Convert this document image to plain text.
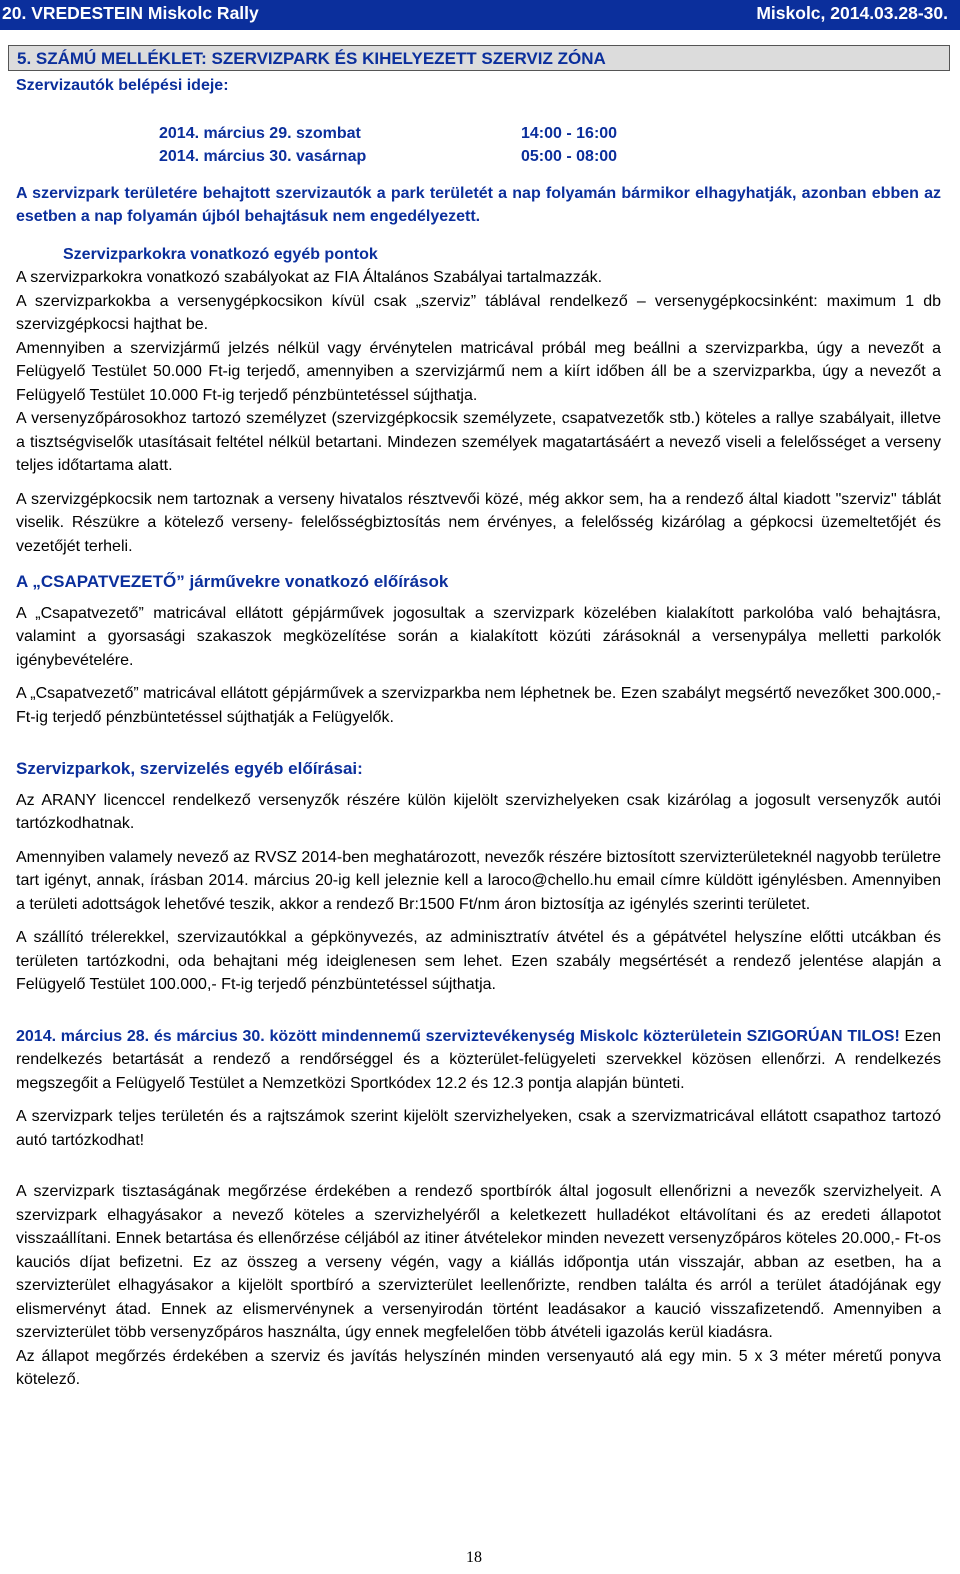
20. VREDESTEIN Miskolc Rally	Miskolc, 2014.03.28-30.
5. SZÁMÚ MELLÉKLET: SZERVIZPARK ÉS KIHELYEZETT SZERVIZ ZÓNA
Szervizautók belépési ideje:
2014. március 29. szombat	14:00 - 16:00
2014. március 30. vasárnap	05:00 - 08:00

A szervizpark területére behajtott szervizautók a park területét a nap folyamán bármikor elhagyhatják, azonban ebben az esetben a nap folyamán újból behajtásuk nem engedélyezett.

Szervizparkokra vonatkozó egyéb pontok

A szervizparkokra vonatkozó szabályokat az FIA Általános Szabályai tartalmazzák.

A szervizparkokba a versenygépkocsikon kívül csak „szerviz” táblával rendelkező – versenygépkocsinként: maximum 1 db szervizgépkocsi hajthat be.

Amennyiben a szervizjármű jelzés nélkül vagy érvénytelen matricával próbál meg beállni a szervizparkba, úgy a nevezőt a Felügyelő Testület 50.000 Ft-ig terjedő, amennyiben a szervizjármű nem a kiírt időben áll be a szervizparkba, úgy a nevezőt a Felügyelő Testület 10.000 Ft-ig terjedő pénzbüntetéssel sújthatja.

A versenyzőpárosokhoz tartozó személyzet (szervizgépkocsik személyzete, csapatvezetők stb.) köteles a rallye szabályait, illetve a tisztségviselők utasításait feltétel nélkül betartani. Mindezen személyek magatartásáért a nevező viseli a felelősséget a verseny teljes időtartama alatt.

A szervizgépkocsik nem tartoznak a verseny hivatalos résztvevői közé, még akkor sem, ha a rendező által kiadott "szerviz" táblát viselik. Részükre a kötelező verseny- felelősségbiztosítás nem érvényes, a felelősség kizárólag a gépkocsi üzemeltetőjét és vezetőjét terheli.

A „CSAPATVEZETŐ” járművekre vonatkozó előírások

A „Csapatvezető” matricával ellátott gépjárművek jogosultak a szervizpark közelében kialakított parkolóba való behajtásra, valamint a gyorsasági szakaszok megközelítése során a kialakított közúti zárásoknál a versenypálya melletti parkolók igénybevételére.

A „Csapatvezető” matricával ellátott gépjárművek a szervizparkba nem léphetnek be. Ezen szabályt megsértő nevezőket 300.000,- Ft-ig terjedő pénzbüntetéssel sújthatják a Felügyelők.

Szervizparkok, szervizelés egyéb előírásai:

Az ARANY licenccel rendelkező versenyzők részére külön kijelölt szervizhelyeken csak kizárólag a jogosult versenyzők autói tartózkodhatnak.

Amennyiben valamely nevező az RVSZ 2014-ben meghatározott, nevezők részére biztosított szervizterületeknél nagyobb területre tart igényt, annak, írásban 2014. március 20-ig kell jeleznie kell a laroco@chello.hu email címre küldött igénylésben. Amennyiben a területi adottságok lehetővé teszik, akkor a rendező Br:1500 Ft/nm áron biztosítja az igénylés szerinti területet.

A szállító trélerekkel, szervizautókkal a gépkönyvezés, az adminisztratív átvétel és a gépátvétel helyszíne előtti utcákban és területen tartózkodni, oda behajtani még ideiglenesen sem lehet. Ezen szabály megsértését a rendező jelentése alapján a Felügyelő Testület 100.000,- Ft-ig terjedő pénzbüntetéssel sújthatja.

2014. március 28. és március 30. között mindennemű szerviztevékenység Miskolc közterületein SZIGORÚAN TILOS! Ezen rendelkezés betartását a rendező a rendőrséggel és a közterület-felügyeleti szervekkel közösen ellenőrzi. A rendelkezés megszegőit a Felügyelő Testület a Nemzetközi Sportkódex 12.2 és 12.3 pontja alapján bünteti.

A szervizpark teljes területén és a rajtszámok szerint kijelölt szervizhelyeken, csak a szervizmatricával ellátott csapathoz tartozó autó tartózkodhat!

A szervizpark tisztaságának megőrzése érdekében a rendező sportbírók által jogosult ellenőrizni a nevezők szervizhelyeit. A szervizpark elhagyásakor a nevező köteles a szervizhelyéről a keletkezett hulladékot eltávolítani és az eredeti állapotot visszaállítani. Ennek betartása és ellenőrzése céljából az itiner átvételekor minden nevezett versenyzőpáros köteles 20.000,- Ft-os kauciós díjat befizetni. Ez az összeg a verseny végén, vagy a kiállás időpontja után visszajár, abban az esetben, ha a szervizterület elhagyásakor a kijelölt sportbíró a szervizterület leellenőrizte, rendben találta és arról a terület átadójának egy elismervényt átad. Ennek az elismervénynek a versenyirodán történt leadásakor a kaució visszafizetendő. Amennyiben a szervizterület több versenyzőpáros használta, úgy ennek megfelelően több átvételi igazolás kerül kiadásra.

Az állapot megőrzés érdekében a szerviz és javítás helyszínén minden versenyautó alá egy min. 5 x 3 méter méretű ponyva kötelező.

18
